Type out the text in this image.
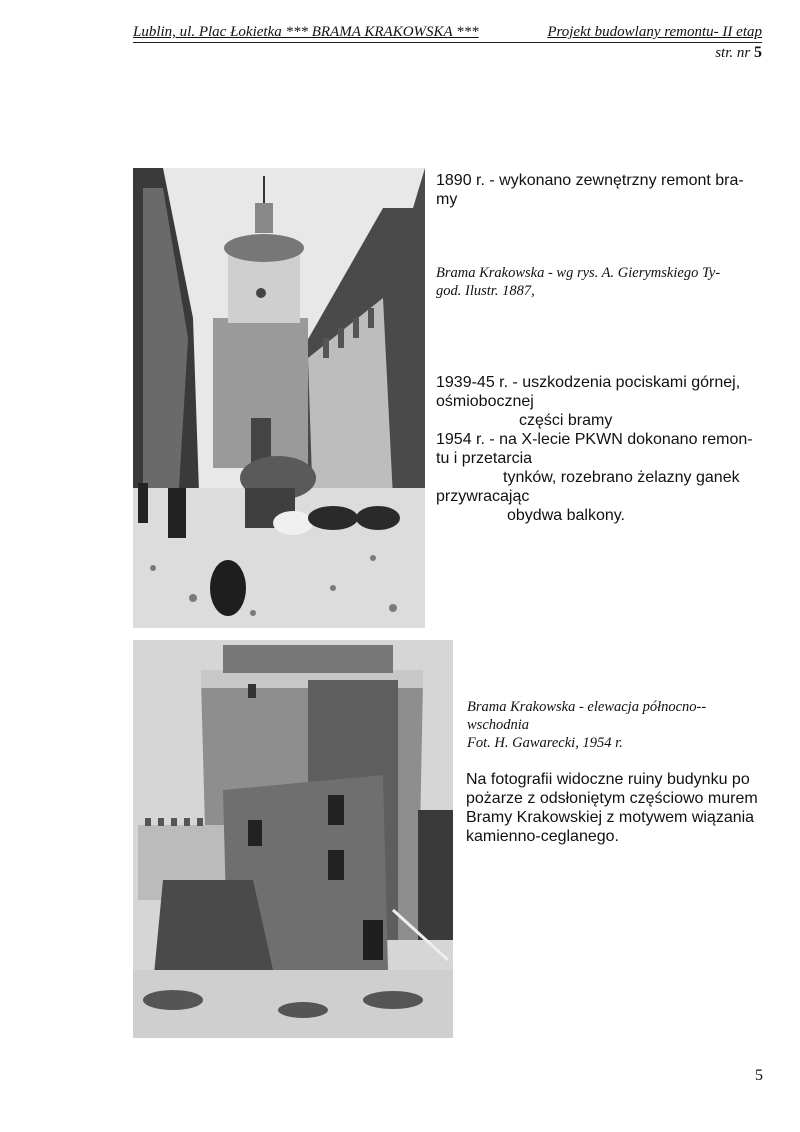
Lublin, ul. Plac Łokietka *** BRAMA KRAKOWSKA ***	Projekt budowlany remontu- II etap
str. nr 5
1890 r. - wykonano zewnętrzny remont bra-
my
Brama Krakowska - wg rys. A. Gierymskiego Ty-
god. Ilustr. 1887,
1939-45 r. - uszkodzenia pociskami górnej,
ośmiobocznej
części bramy
1954 r. - na X-lecie PKWN dokonano remon-
tu i przetarcia
tynków, rozebrano żelazny ganek
przywracając
obydwa balkony.
Brama Krakowska - elewacja północno--
wschodnia
Fot. H. Gawarecki, 1954 r.
Na fotografii widoczne ruiny budynku po
pożarze z odsłoniętym częściowo murem
Bramy Krakowskiej z motywem wiązania
kamienno-ceglanego.
5
